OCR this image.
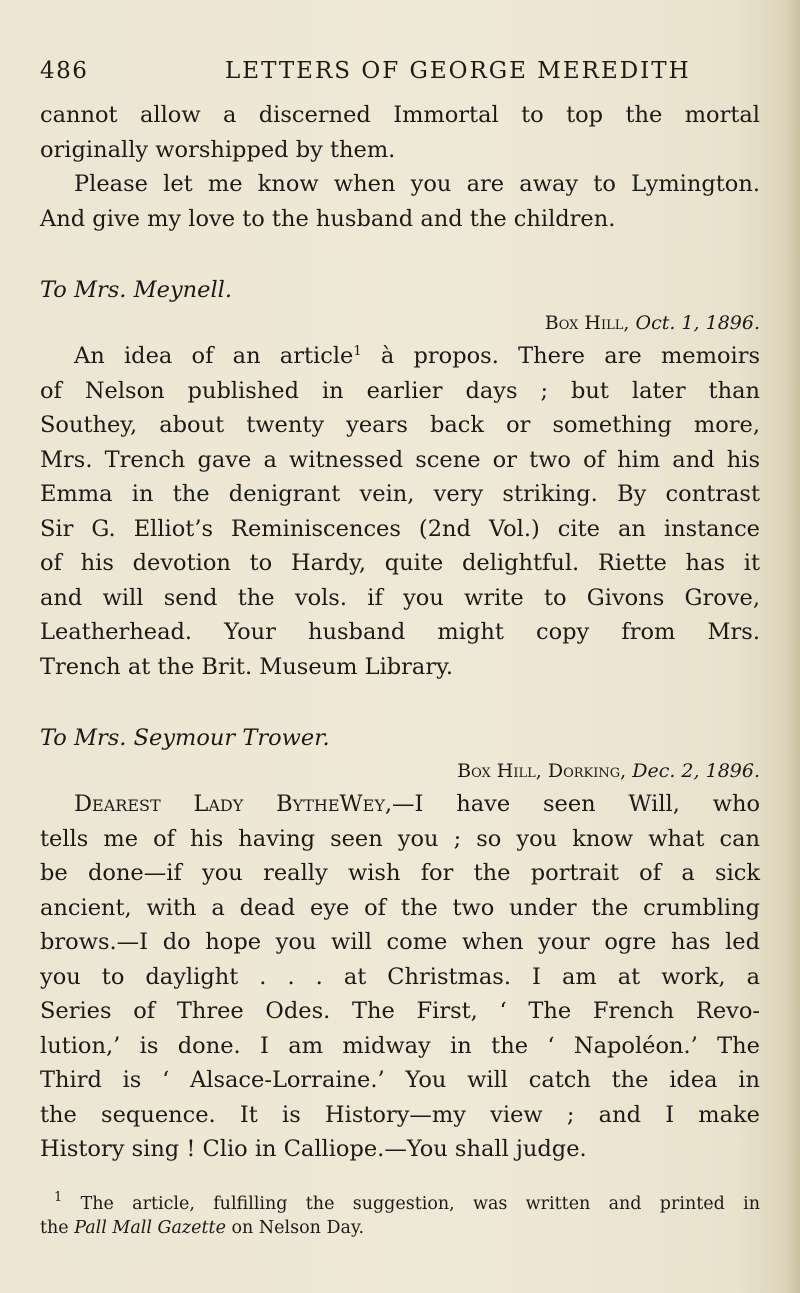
486	LETTERS OF GEORGE MEREDITH
cannot allow a discerned Immortal to top the mortal
originally worshipped by them.
Please let me know when you are away to Lymington.
And give my love to the husband and the children.
To Mrs. Meynell.
Box Hill, Oct. 1, 1896.
An idea of an article$^1$ à propos. There are memoirs
of Nelson published in earlier days ; but later than
Southey, about twenty years back or something more,
Mrs. Trench gave a witnessed scene or two of him and his
Emma in the denigrant vein, very striking. By contrast
Sir G. Elliot’s Reminiscences (2nd Vol.) cite an instance
of his devotion to Hardy, quite delightful. Riette has it
and will send the vols. if you write to Givons Grove,
Leatherhead. Your husband might copy from Mrs.
Trench at the Brit. Museum Library.
To Mrs. Seymour Trower.
Box Hill, Dorking, Dec. 2, 1896.
Dearest Lady BytheWey,—I have seen Will, who
tells me of his having seen you ; so you know what can
be done—if you really wish for the portrait of a sick
ancient, with a dead eye of the two under the crumbling
brows.—I do hope you will come when your ogre has led
you to daylight . . . at Christmas. I am at work, a
Series of Three Odes. The First, ‘ The French Revo-
lution,’ is done. I am midway in the ‘ Napoléon.’ The
Third is ‘ Alsace-Lorraine.’ You will catch the idea in
the sequence. It is History—my view ; and I make
History sing ! Clio in Calliope.—You shall judge.
$^1$ The article, fulfilling the suggestion, was written and printed in
the Pall Mall Gazette on Nelson Day.
